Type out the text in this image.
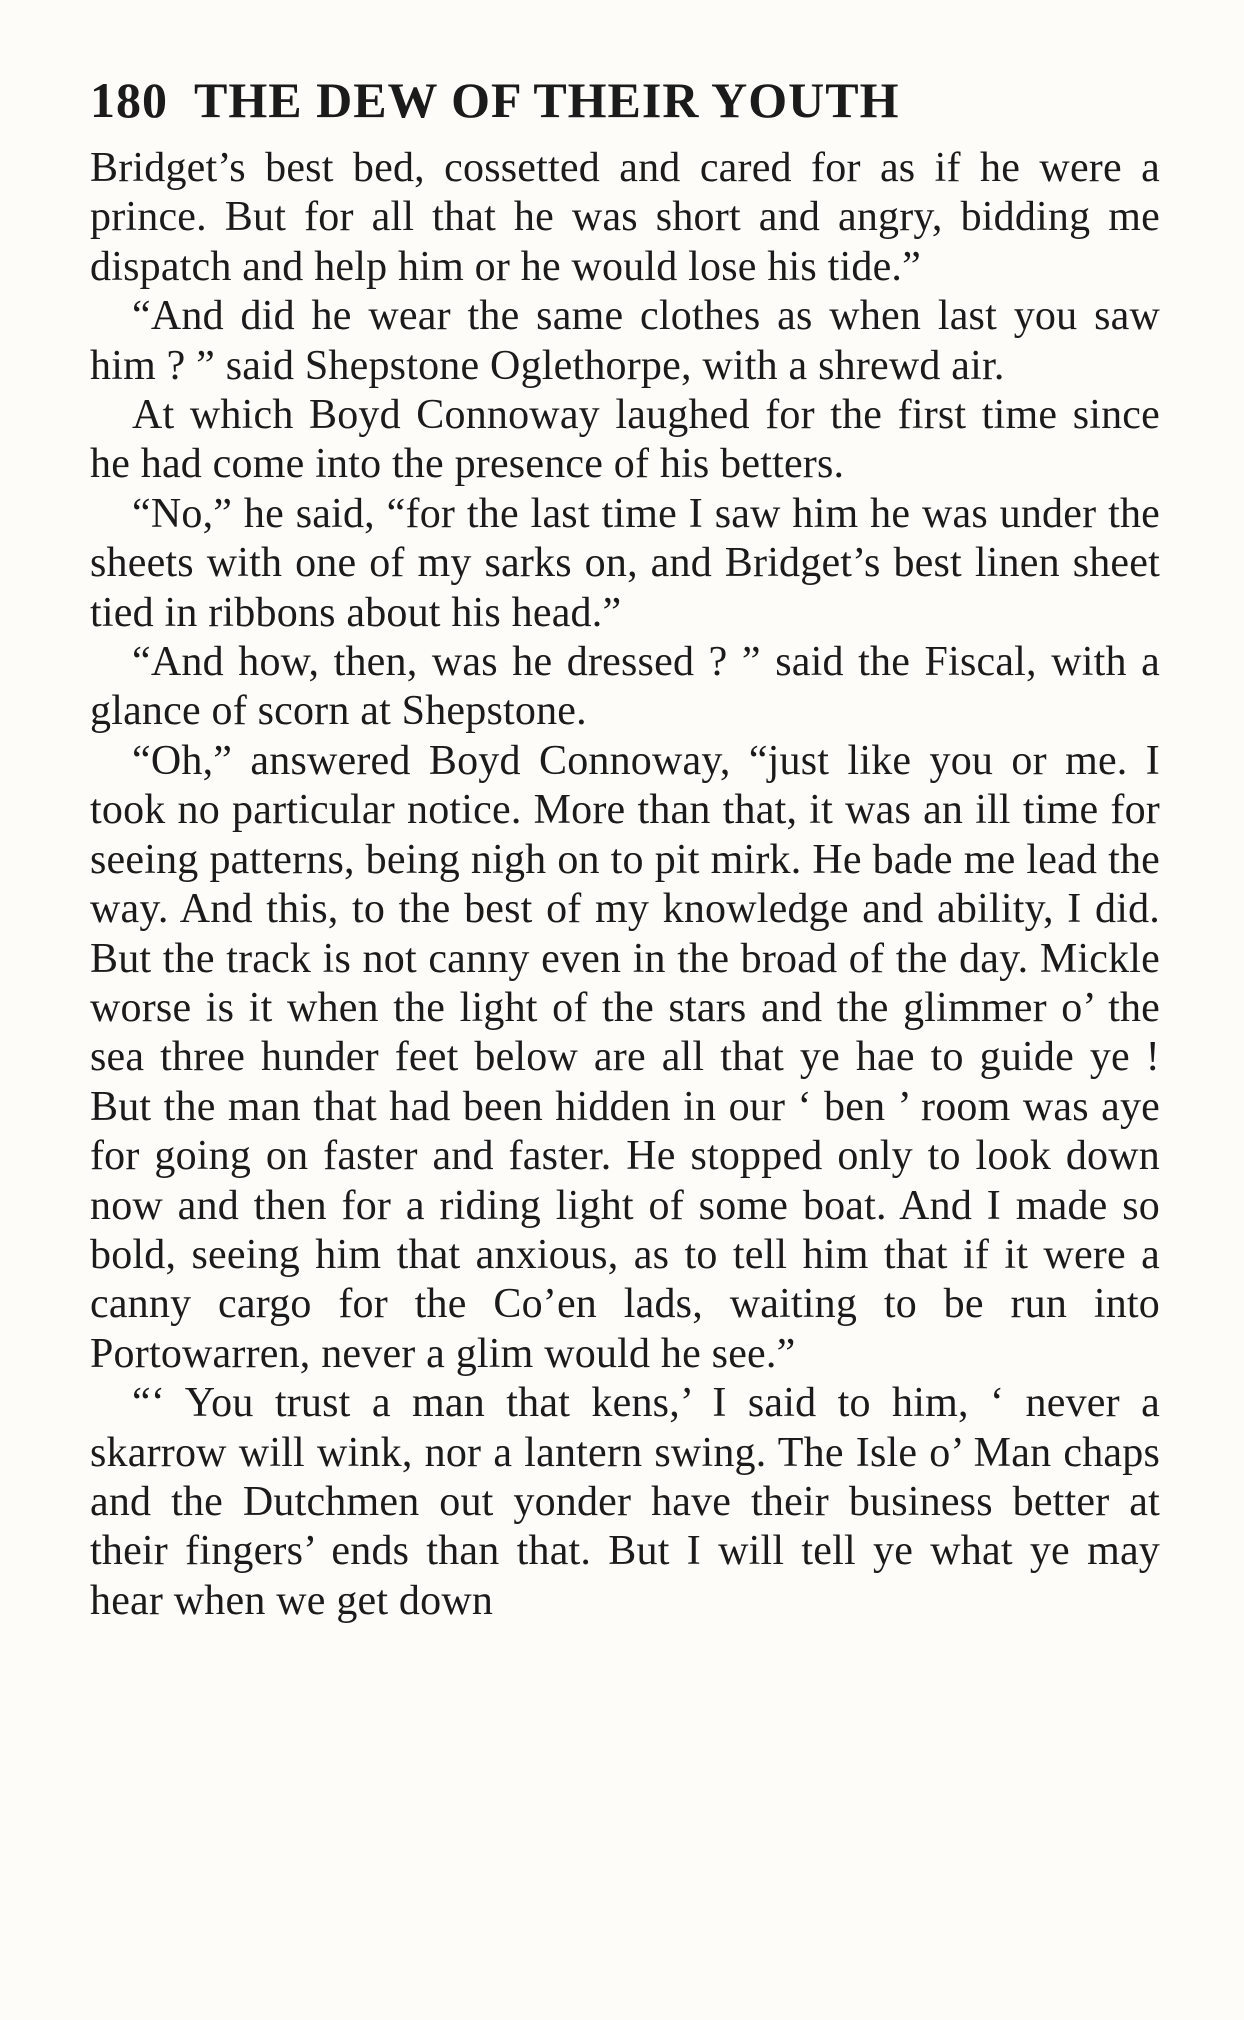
180 THE DEW OF THEIR YOUTH

Bridget’s best bed, cossetted and cared for as if he were a prince. But for all that he was short and angry, bidding me dispatch and help him or he would lose his tide.”

“And did he wear the same clothes as when last you saw him ? ” said Shepstone Oglethorpe, with a shrewd air.

At which Boyd Connoway laughed for the first time since he had come into the presence of his betters.

“No,” he said, “for the last time I saw him he was under the sheets with one of my sarks on, and Bridget’s best linen sheet tied in ribbons about his head.”

“And how, then, was he dressed ? ” said the Fiscal, with a glance of scorn at Shepstone.

“Oh,” answered Boyd Connoway, “just like you or me. I took no particular notice. More than that, it was an ill time for seeing patterns, being nigh on to pit mirk. He bade me lead the way. And this, to the best of my knowledge and ability, I did. But the track is not canny even in the broad of the day. Mickle worse is it when the light of the stars and the glimmer o’ the sea three hunder feet below are all that ye hae to guide ye ! But the man that had been hidden in our ‘ ben ’ room was aye for going on faster and faster. He stopped only to look down now and then for a riding light of some boat. And I made so bold, seeing him that anxious, as to tell him that if it were a canny cargo for the Co’en lads, waiting to be run into Portowarren, never a glim would he see.”

“‘ You trust a man that kens,’ I said to him, ‘ never a skarrow will wink, nor a lantern swing. The Isle o’ Man chaps and the Dutchmen out yonder have their business better at their fingers’ ends than that. But I will tell ye what ye may hear when we get down
